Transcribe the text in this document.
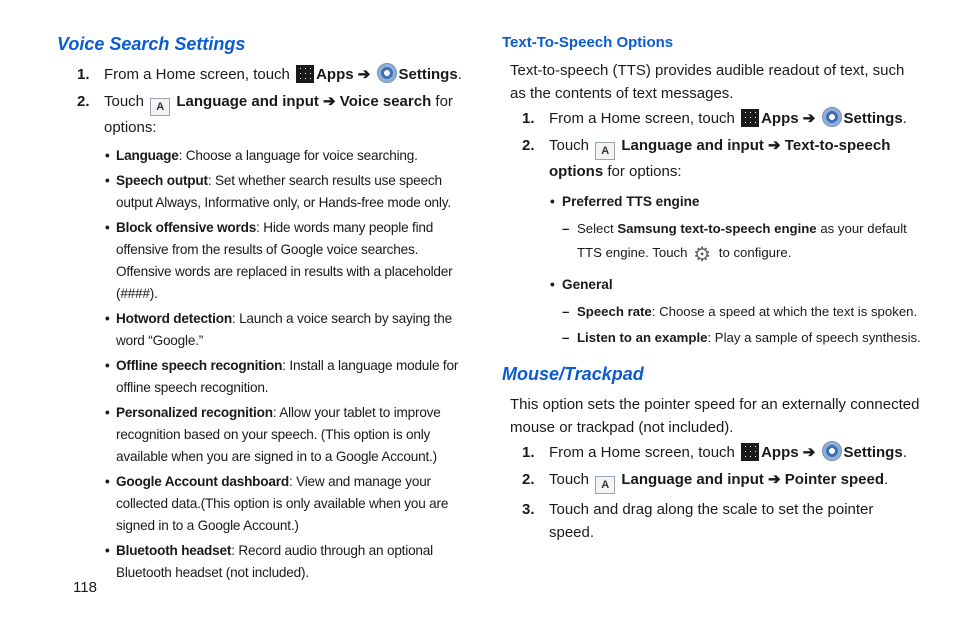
Voice Search Settings
1. From a Home screen, touch Apps ➔ Settings.
2. Touch A Language and input ➔ Voice search for options:
• Language: Choose a language for voice searching.
• Speech output: Set whether search results use speech output Always, Informative only, or Hands-free mode only.
• Block offensive words: Hide words many people find offensive from the results of Google voice searches. Offensive words are replaced in results with a placeholder (####).
• Hotword detection: Launch a voice search by saying the word “Google.”
• Offline speech recognition: Install a language module for offline speech recognition.
• Personalized recognition: Allow your tablet to improve recognition based on your speech. (This option is only available when you are signed in to a Google Account.)
• Google Account dashboard: View and manage your collected data.(This option is only available when you are signed in to a Google Account.)
• Bluetooth headset: Record audio through an optional Bluetooth headset (not included).
Text-To-Speech Options

Text-to-speech (TTS) provides audible readout of text, such as the contents of text messages.

1. From a Home screen, touch Apps ➔ Settings.
2. Touch A Language and input ➔ Text-to-speech options for options:
• Preferred TTS engine
– Select Samsung text-to-speech engine as your default TTS engine. Touch ⚙ to configure.
• General
– Speech rate: Choose a speed at which the text is spoken.
– Listen to an example: Play a sample of speech synthesis.
Mouse/Trackpad

This option sets the pointer speed for an externally connected mouse or trackpad (not included).

1. From a Home screen, touch Apps ➔ Settings.
2. Touch A Language and input ➔ Pointer speed.
3. Touch and drag along the scale to set the pointer speed.
118
